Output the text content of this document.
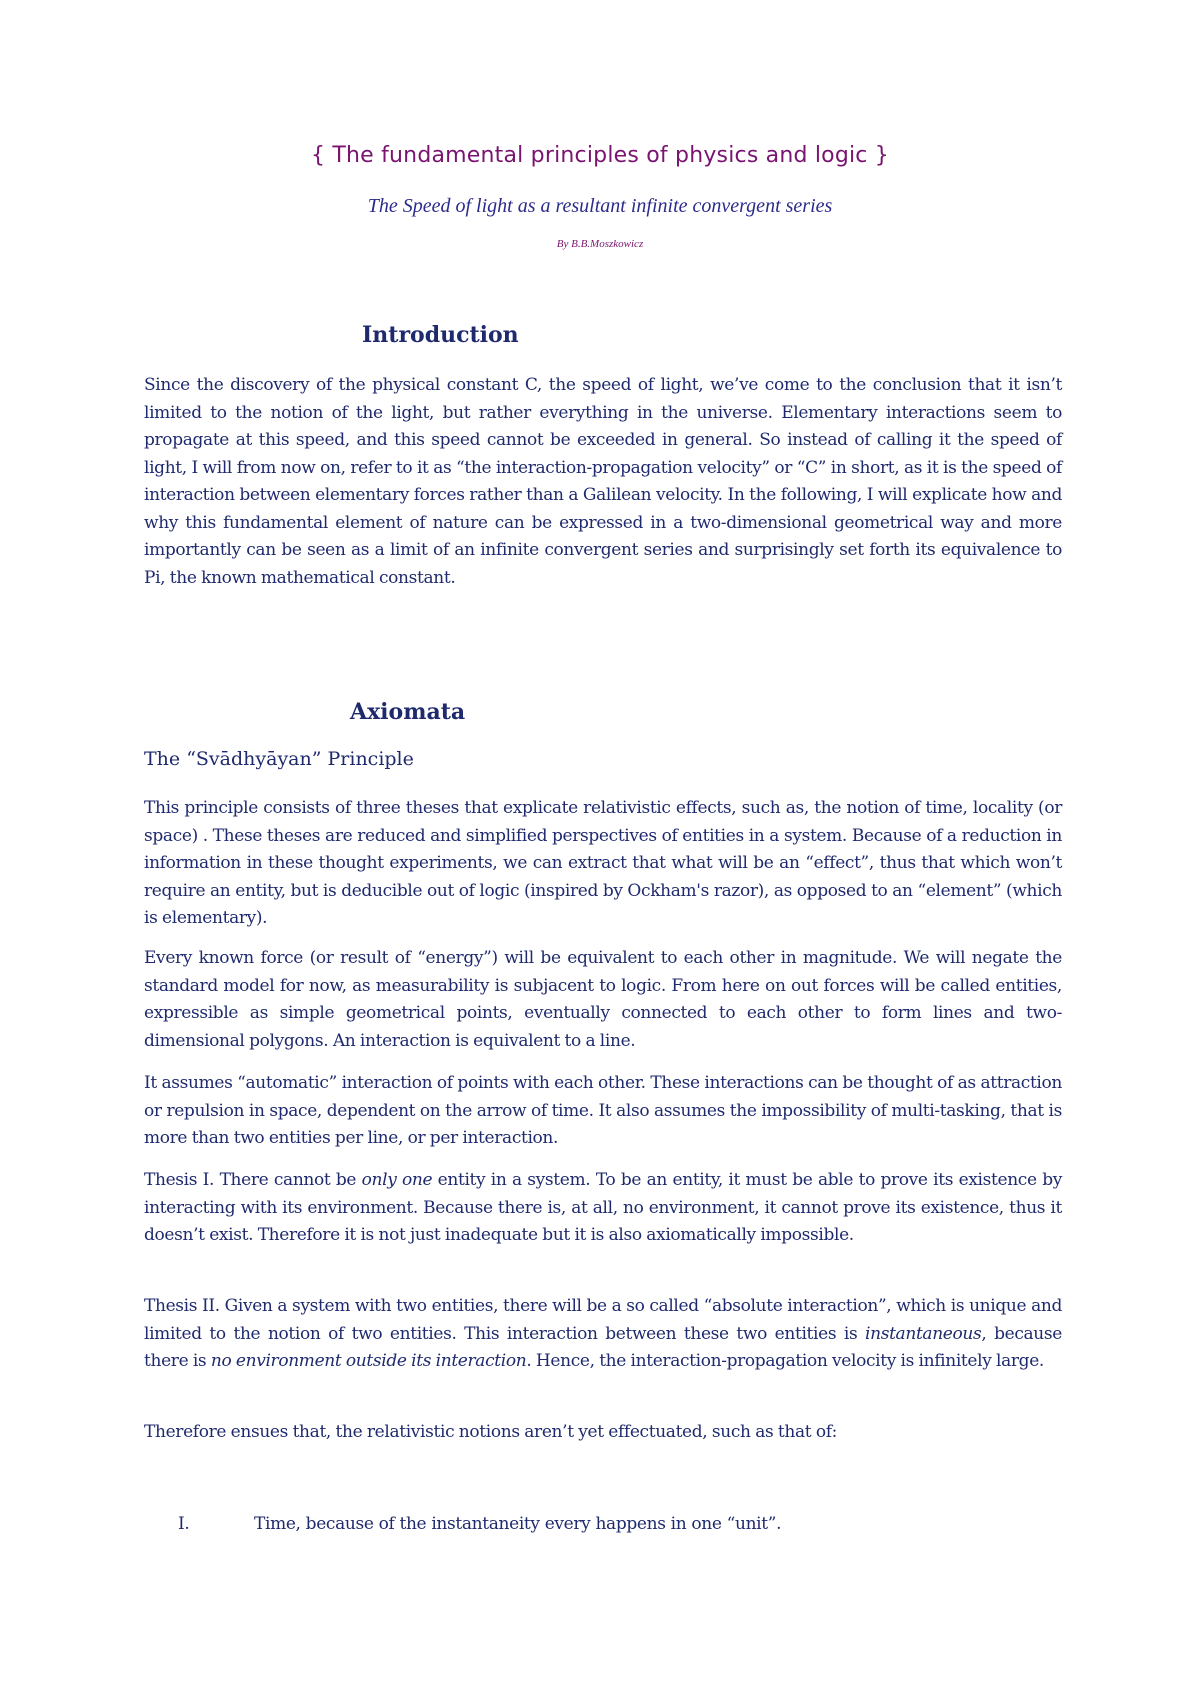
{ The fundamental principles of physics and logic }
The Speed of light as a resultant infinite convergent series
By B.B.Moszkowicz
Introduction
Since the discovery of the physical constant C, the speed of light, we’ve come to the conclusion that it isn’t limited to the notion of the light, but rather everything in the universe. Elementary interactions seem to propagate at this speed, and this speed cannot be exceeded in general. So instead of calling it the speed of light, I will from now on, refer to it as “the interaction-propagation velocity” or “C” in short, as it is the speed of interaction between elementary forces rather than a Galilean velocity. In the following, I will explicate how and why this fundamental element of nature can be expressed in a two-dimensional geometrical way and more importantly can be seen as a limit of an infinite convergent series and surprisingly set forth its equivalence to Pi, the known mathematical constant.
Axiomata
The “Svādhyāyan” Principle
This principle consists of three theses that explicate relativistic effects, such as, the notion of time, locality (or space) . These theses are reduced and simplified perspectives of entities in a system. Because of a reduction in information in these thought experiments, we can extract that what will be an “effect”, thus that which won’t require an entity, but is deducible out of logic (inspired by Ockham's razor), as opposed to an “element” (which is elementary).
Every known force (or result of “energy”) will be equivalent to each other in magnitude. We will negate the standard model for now, as measurability is subjacent to logic. From here on out forces will be called entities, expressible as simple geometrical points, eventually connected to each other to form lines and two-dimensional polygons. An interaction is equivalent to a line.
It assumes “automatic” interaction of points with each other. These interactions can be thought of as attraction or repulsion in space, dependent on the arrow of time. It also assumes the impossibility of multi-tasking, that is more than two entities per line, or per interaction.
Thesis I. There cannot be only one entity in a system. To be an entity, it must be able to prove its existence by interacting with its environment. Because there is, at all, no environment, it cannot prove its existence, thus it doesn’t exist. Therefore it is not just inadequate but it is also axiomatically impossible.
Thesis II. Given a system with two entities, there will be a so called “absolute interaction”, which is unique and limited to the notion of two entities. This interaction between these two entities is instantaneous, because there is no environment outside its interaction. Hence, the interaction-propagation velocity is infinitely large.
Therefore ensues that, the relativistic notions aren’t yet effectuated, such as that of:
I.	Time, because of the instantaneity every happens in one “unit”.
